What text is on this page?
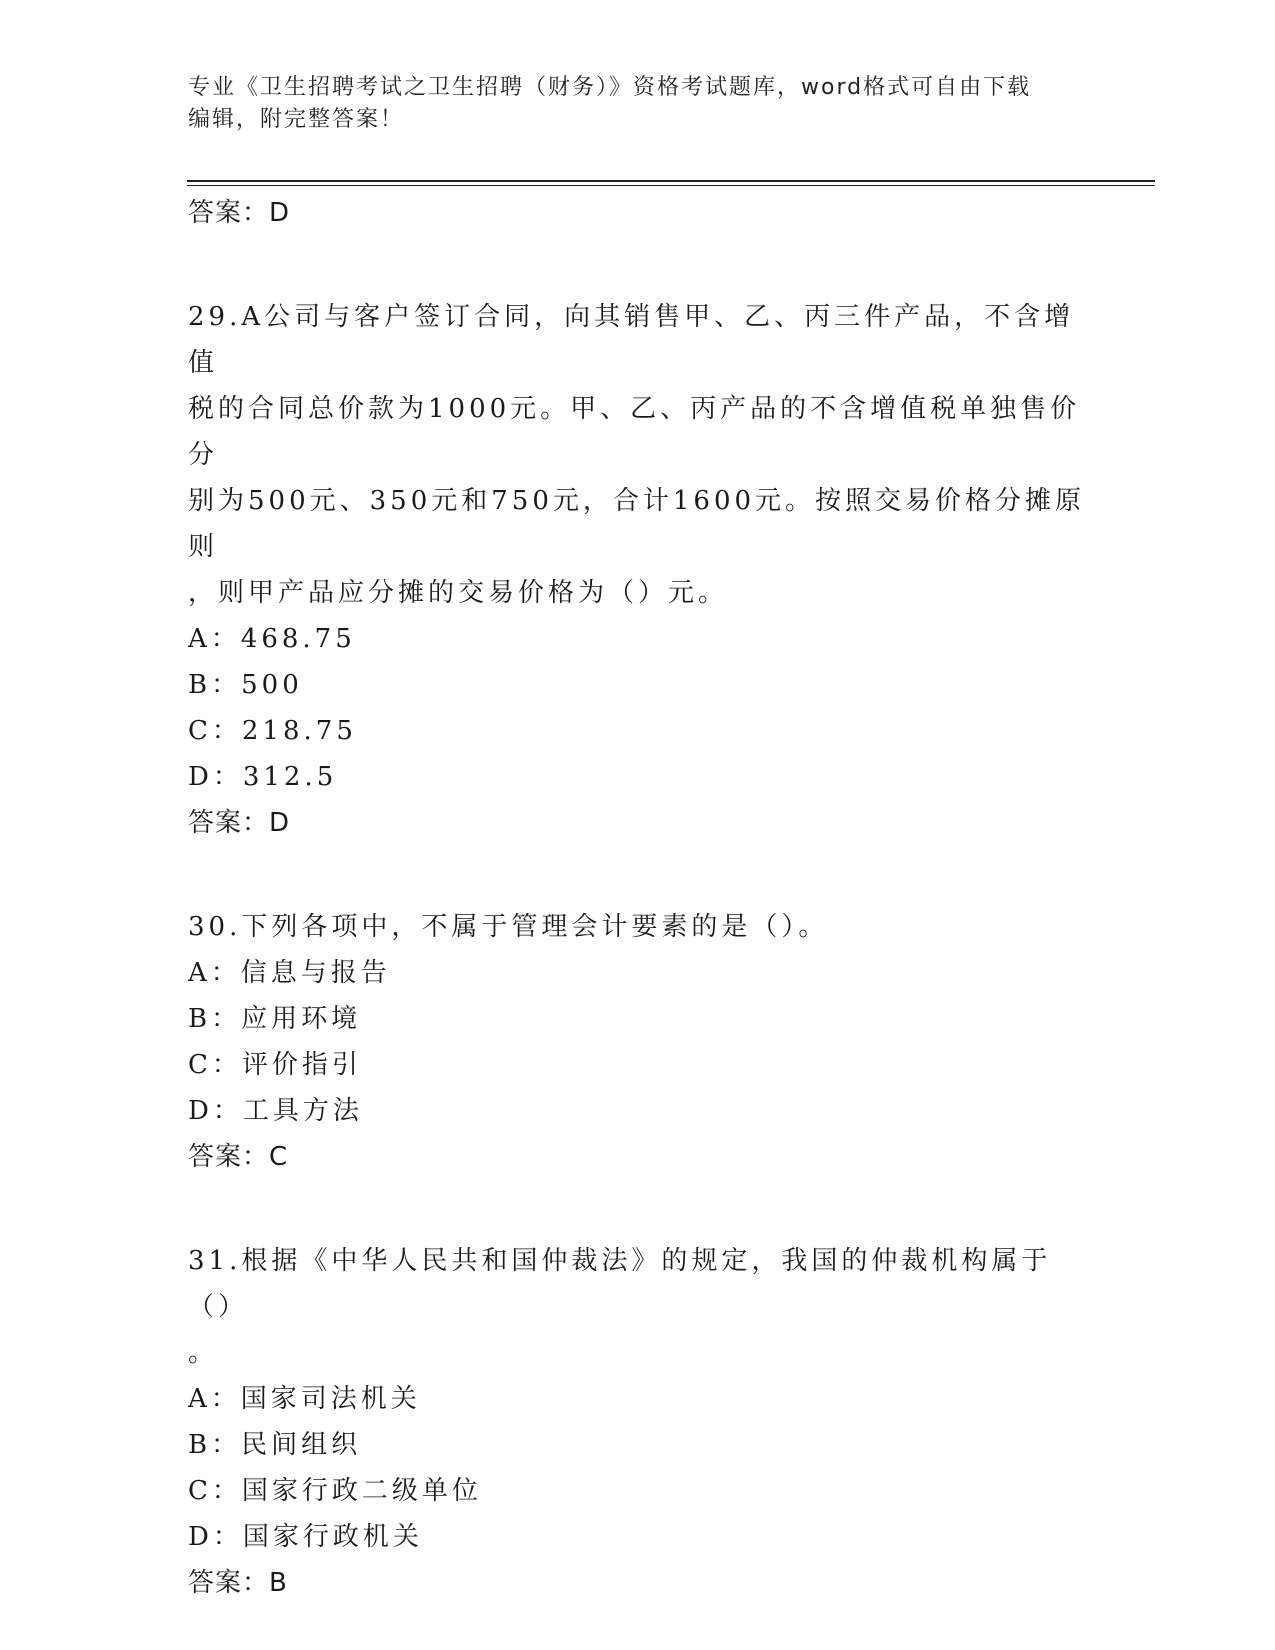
专业《卫生招聘考试之卫生招聘（财务）》资格考试题库，word格式可自由下载
编辑，附完整答案！
答案：D
29.A公司与客户签订合同，向其销售甲、乙、丙三件产品，不含增值
税的合同总价款为1000元。甲、乙、丙产品的不含增值税单独售价分
别为500元、350元和750元，合计1600元。按照交易价格分摊原则
，则甲产品应分摊的交易价格为（）元。
A：468.75
B：500
C：218.75
D：312.5
答案：D
30.下列各项中，不属于管理会计要素的是（）。
A：信息与报告
B：应用环境
C：评价指引
D：工具方法
答案：C
31.根据《中华人民共和国仲裁法》的规定，我国的仲裁机构属于（）
。
A：国家司法机关
B：民间组织
C：国家行政二级单位
D：国家行政机关
答案：B
